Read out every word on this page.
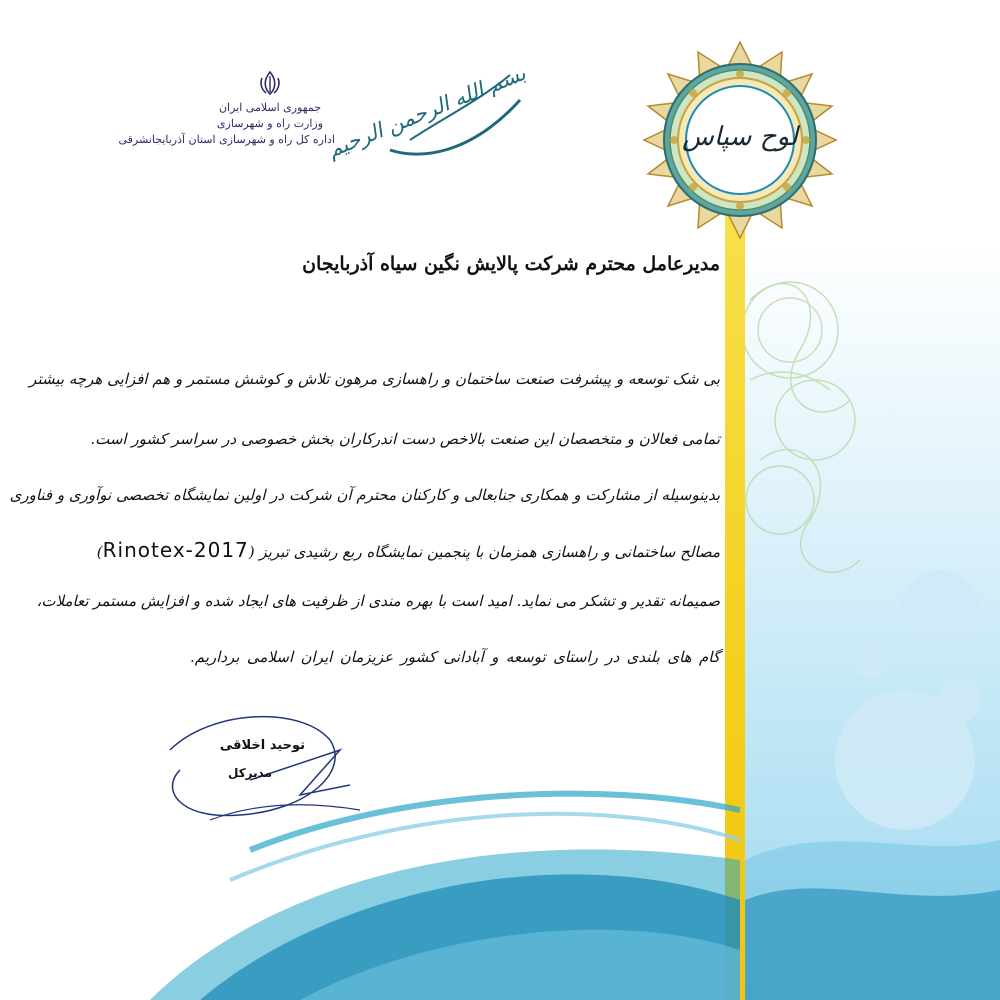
جمهوری اسلامی ایران
وزارت راه و شهرسازی
اداره کل راه و شهرسازی استان آذربایجانشرقی
بسم الله الرحمن الرحیم	لوح سپاس
مدیرعامل محترم شرکت پالایش نگین سیاه آذربایجان
بی شک توسعه و پیشرفت صنعت ساختمان و راهسازی مرهون تلاش و کوشش مستمر و هم افزایی هرچه بیشتر
تمامی فعالان و متخصصان این صنعت بالاخص دست اندرکاران بخش خصوصی در سراسر کشور است.
بدینوسیله از مشارکت و همکاری جنابعالی و کارکنان محترم آن شرکت در اولین نمایشگاه تخصصی نوآوری و فناوری
مصالح ساختمانی و راهسازی همزمان با پنجمین نمایشگاه ربع رشیدی تبریز (Rinotex-2017)
صمیمانه تقدیر و تشکر می نماید. امید است با بهره مندی از ظرفیت های ایجاد شده و افزایش مستمر تعاملات،
گام های بلندی در راستای توسعه و آبادانی کشور عزیزمان ایران اسلامی برداریم.
توحید اخلاقی
مدیرکل
